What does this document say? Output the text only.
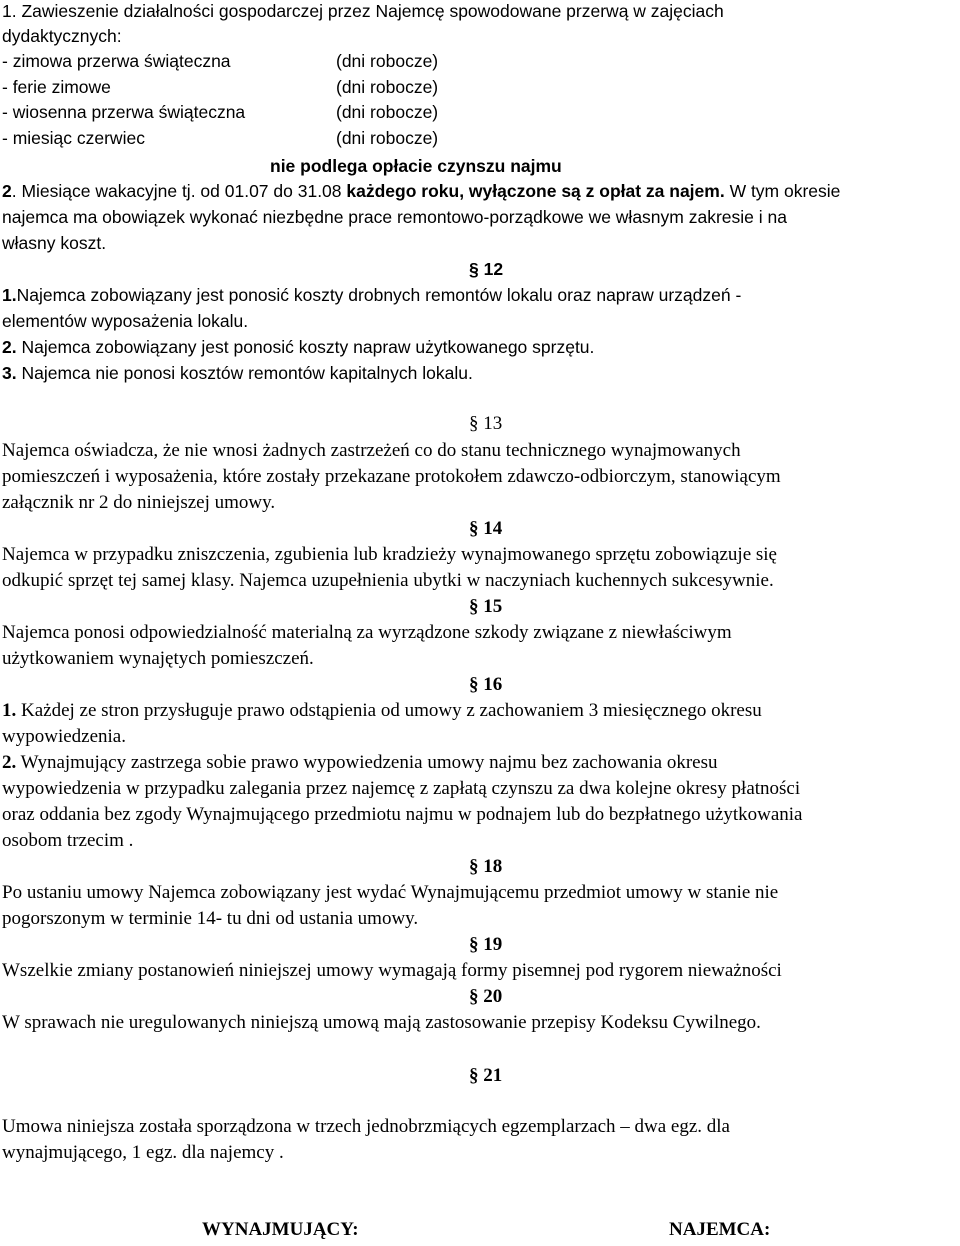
1. Zawieszenie działalności gospodarczej przez Najemcę spowodowane przerwą w zajęciach
dydaktycznych:
- zimowa przerwa świąteczna	(dni robocze)
- ferie zimowe	(dni robocze)
- wiosenna przerwa świąteczna	(dni robocze)
- miesiąc czerwiec	(dni robocze)
nie podlega opłacie czynszu najmu
2. Miesiące wakacyjne tj. od 01.07 do 31.08 każdego roku, wyłączone są z opłat za najem. W tym okresie
najemca ma obowiązek wykonać niezbędne prace remontowo-porządkowe we własnym zakresie i na
własny koszt.
§ 12
1.Najemca zobowiązany jest ponosić koszty drobnych remontów lokalu oraz napraw urządzeń -
elementów wyposażenia lokalu.
2. Najemca zobowiązany jest ponosić koszty napraw użytkowanego sprzętu.
3. Najemca nie ponosi kosztów remontów kapitalnych lokalu.
§ 13
Najemca oświadcza, że nie wnosi żadnych zastrzeżeń co do stanu technicznego wynajmowanych
pomieszczeń i wyposażenia, które zostały przekazane protokołem zdawczo-odbiorczym, stanowiącym
załącznik nr 2 do niniejszej umowy.
§ 14
Najemca w przypadku zniszczenia, zgubienia lub kradzieży wynajmowanego sprzętu zobowiązuje się
odkupić sprzęt tej samej klasy. Najemca uzupełnienia ubytki w naczyniach kuchennych sukcesywnie.
§ 15
Najemca ponosi odpowiedzialność materialną za wyrządzone szkody związane z niewłaściwym
użytkowaniem wynajętych pomieszczeń.
§ 16
1. Każdej ze stron przysługuje prawo odstąpienia od umowy z zachowaniem 3 miesięcznego okresu
wypowiedzenia.
2. Wynajmujący zastrzega sobie prawo wypowiedzenia umowy najmu bez zachowania okresu
wypowiedzenia w przypadku zalegania przez najemcę z zapłatą czynszu za dwa kolejne okresy płatności
oraz oddania bez zgody Wynajmującego przedmiotu najmu w podnajem lub do bezpłatnego użytkowania
osobom trzecim .
§ 18
Po ustaniu umowy Najemca zobowiązany jest wydać Wynajmującemu przedmiot umowy w stanie nie
pogorszonym w terminie 14- tu dni od ustania umowy.
§ 19
Wszelkie zmiany postanowień niniejszej umowy wymagają formy pisemnej pod rygorem nieważności
§ 20
W sprawach nie uregulowanych niniejszą umową mają zastosowanie przepisy Kodeksu Cywilnego.
§ 21
Umowa niniejsza została sporządzona w trzech jednobrzmiących egzemplarzach – dwa egz. dla
wynajmującego, 1 egz. dla najemcy .
WYNAJMUJĄCY:	NAJEMCA:
